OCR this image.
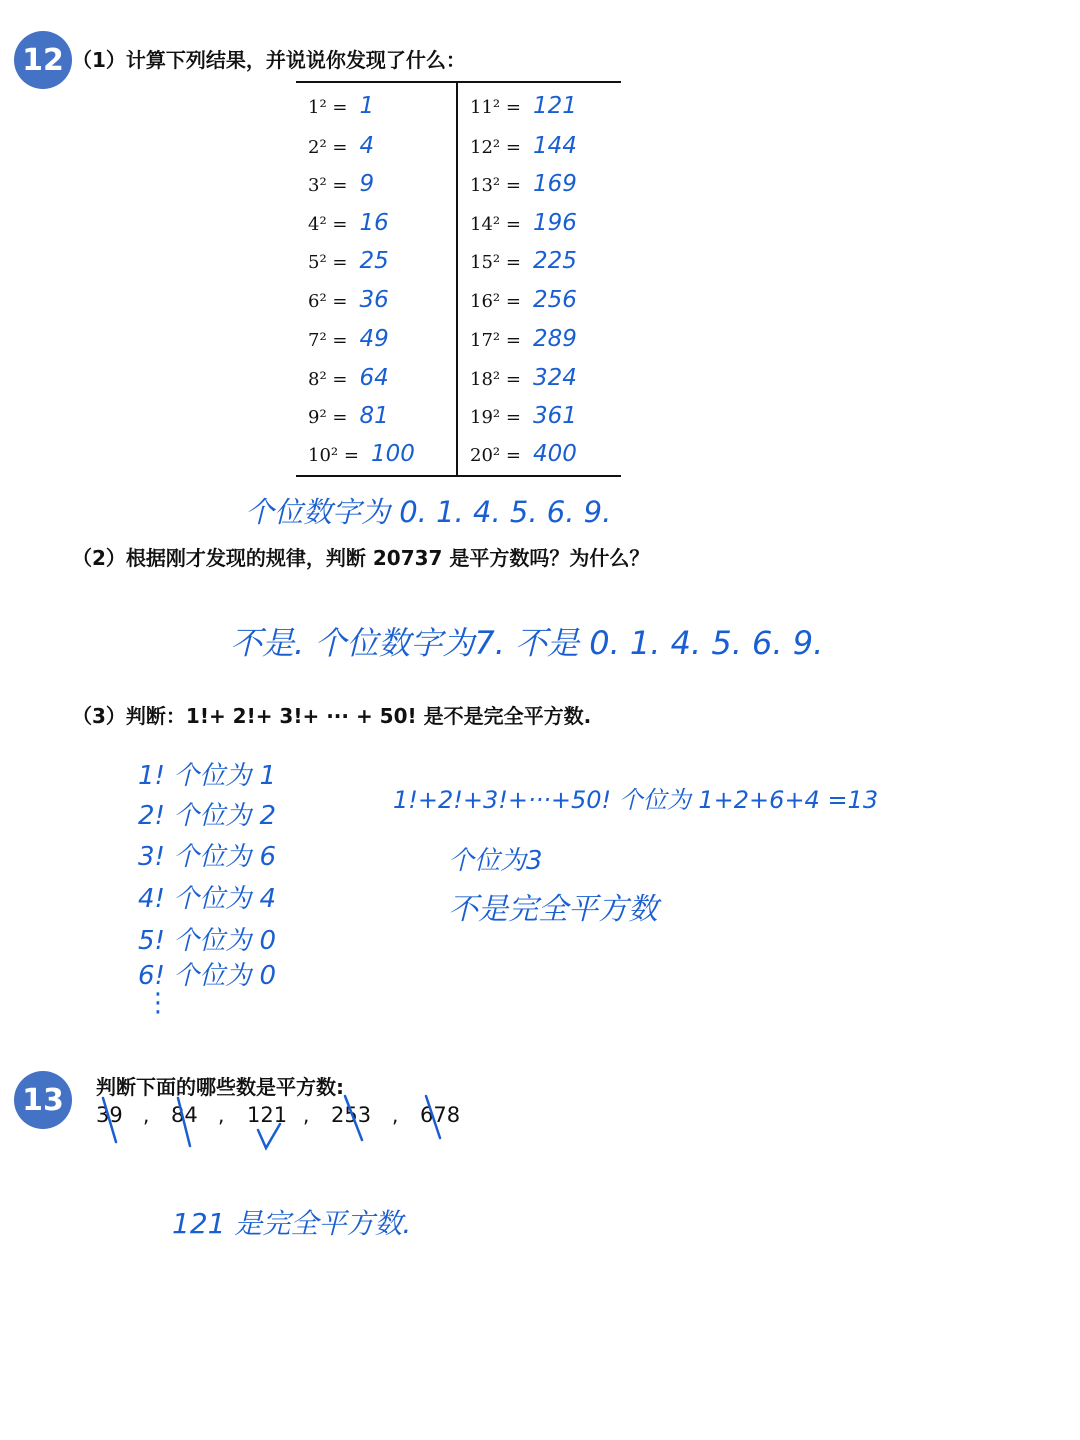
12 （1）计算下列结果，并说说你发现了什么：
1² = 1
2² = 4
3² = 9
4² = 16
5² = 25
6² = 36
7² = 49
8² = 64
9² = 81
10² = 100
11² = 121
12² = 144
13² = 169
14² = 196
15² = 225
16² = 256
17² = 289
18² = 324
19² = 361
20² = 400
个位数字为 0. 1. 4. 5. 6. 9.
（2）根据刚才发现的规律，判断 20737 是平方数吗？为什么？
不是. 个位数字为7. 不是 0. 1. 4. 5. 6. 9.
（3）判断：1!+ 2!+ 3!+ ··· + 50! 是不是完全平方数.
1! 个位为 1
2! 个位为 2
3! 个位为 6
4! 个位为 4
5! 个位为 0
6! 个位为 0
⋮
1!+2!+3!+···+50! 个位为 1+2+6+4 =13
个位为3
不是完全平方数
13	判断下面的哪些数是平方数:
39 , 84 , 121 , 253 , 678
121 是完全平方数.
